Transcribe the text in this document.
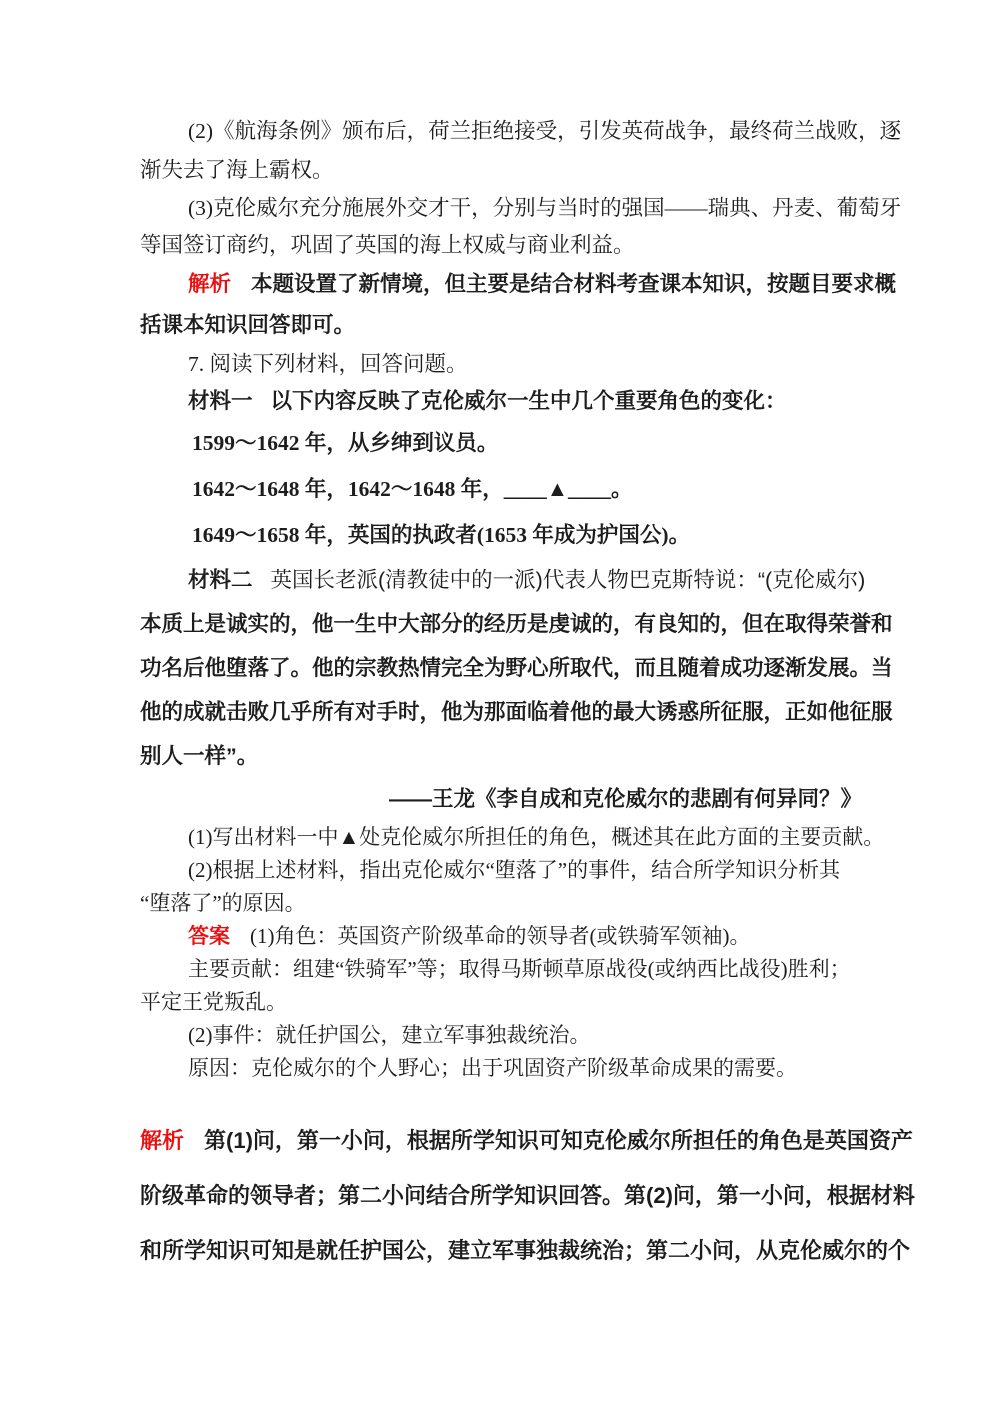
(2)《航海条例》颁布后，荷兰拒绝接受，引发英荷战争，最终荷兰战败，逐
渐失去了海上霸权。
(3)克伦威尔充分施展外交才干，分别与当时的强国——瑞典、丹麦、葡萄牙
等国签订商约，巩固了英国的海上权威与商业利益。
解析 本题设置了新情境，但主要是结合材料考查课本知识，按题目要求概
括课本知识回答即可。
7. 阅读下列材料，回答问题。
材料一 以下内容反映了克伦威尔一生中几个重要角色的变化：
1599～1642 年，从乡绅到议员。
1642～1648 年，1642～1648 年，____▲____。
1649～1658 年，英国的执政者(1653 年成为护国公)。
材料二 英国长老派(清教徒中的一派)代表人物巴克斯特说：“(克伦威尔)
本质上是诚实的，他一生中大部分的经历是虔诚的，有良知的，但在取得荣誉和
功名后他堕落了。他的宗教热情完全为野心所取代，而且随着成功逐渐发展。当
他的成就击败几乎所有对手时，他为那面临着他的最大诱惑所征服，正如他征服
别人一样”。
——王龙《李自成和克伦威尔的悲剧有何异同？》
(1)写出材料一中▲处克伦威尔所担任的角色，概述其在此方面的主要贡献。
(2)根据上述材料，指出克伦威尔“堕落了”的事件，结合所学知识分析其
“堕落了”的原因。
答案 (1)角色：英国资产阶级革命的领导者(或铁骑军领袖)。
主要贡献：组建“铁骑军”等；取得马斯顿草原战役(或纳西比战役)胜利；
平定王党叛乱。
(2)事件：就任护国公，建立军事独裁统治。
原因：克伦威尔的个人野心；出于巩固资产阶级革命成果的需要。
解析 第(1)问，第一小问，根据所学知识可知克伦威尔所担任的角色是英国资产
阶级革命的领导者；第二小问结合所学知识回答。第(2)问，第一小问，根据材料
和所学知识可知是就任护国公，建立军事独裁统治；第二小问，从克伦威尔的个
